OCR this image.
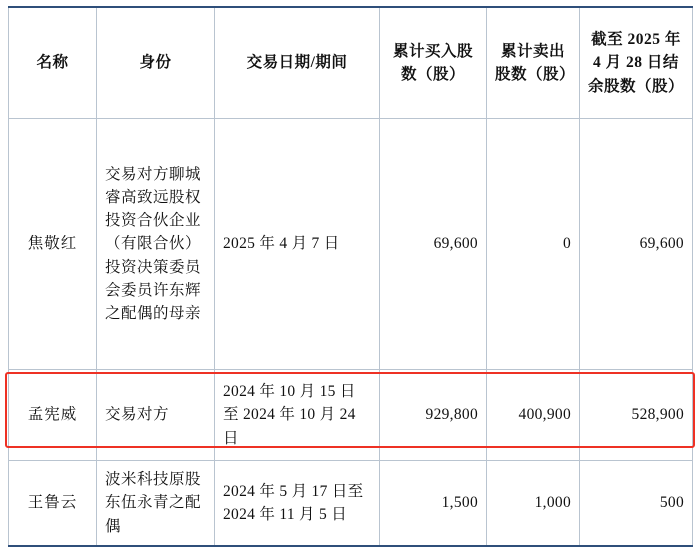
名称	身份	交易日期/期间	累计买入股数（股）	累计卖出股数（股）	截至 2025 年 4 月 28 日结余股数（股）
焦敬红	交易对方聊城睿高致远股权投资合伙企业（有限合伙）投资决策委员会委员许东辉之配偶的母亲	2025 年 4 月 7 日	69,600	0	69,600
孟宪威	交易对方	2024 年 10 月 15 日至 2024 年 10 月 24 日	929,800	400,900	528,900
王鲁云	波米科技原股东伍永青之配偶	2024 年 5 月 17 日至 2024 年 11 月 5 日	1,500	1,000	500
